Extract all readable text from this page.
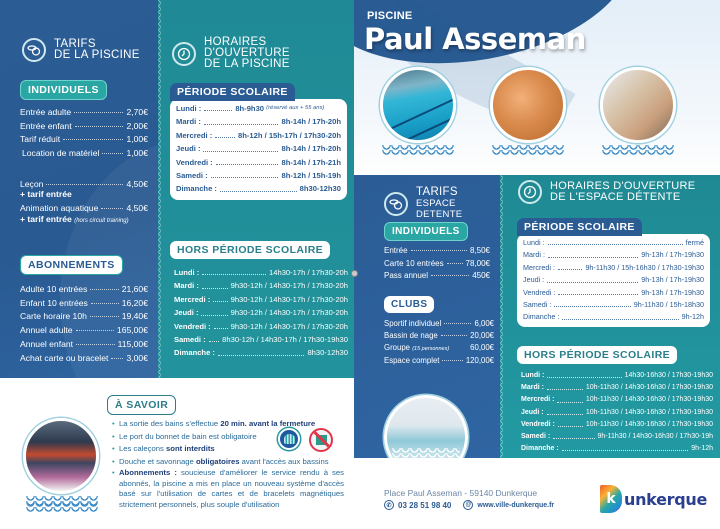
TARIFS
DE LA PISCINE
INDIVIDUELS
Entrée adulte	2,70€
Entrée enfant	2,00€
Tarif réduit	1,00€
Location de matériel	1,00€
Leçon	4,50€
+ tarif entrée
Animation aquatique	4,50€
+ tarif entrée
(hors circuit training)
ABONNEMENTS
Adulte 10 entrées	21,60€
Enfant 10 entrées	16,20€
Carte horaire 10h	19,40€
Annuel adulte	165,00€
Annuel enfant	115,00€
Achat carte ou bracelet 3,00€
HORAIRES D'OUVERTURE
DE LA PISCINE
PÉRIODE SCOLAIRE
Lundi :	8h-9h30
(réservé aux + 55 ans)
Mardi :	8h-14h / 17h-20h
Mercredi :	8h-12h / 15h-17h / 17h30-20h
Jeudi :	8h-14h / 17h-20h
Vendredi :	8h-14h / 17h-21h
Samedi :	8h-12h / 15h-19h
Dimanche :	8h30-12h30
HORS PÉRIODE SCOLAIRE
Lundi :	14h30-17h / 17h30-20h
Mardi :	9h30-12h / 14h30-17h / 17h30-20h
Mercredi :	9h30-12h / 14h30-17h / 17h30-20h
Jeudi :	9h30-12h / 14h30-17h / 17h30-20h
Vendredi :	9h30-12h / 14h30-17h / 17h30-20h
Samedi : 8h30-12h / 14h30-17h / 17h30-19h30
Dimanche :	8h30-12h30
PISCINE
Paul Asseman
TARIFS
ESPACE DETENTE
INDIVIDUELS
Entrée	8,50€
Carte 10 entrées	78,00€
Pass annuel	450€
CLUBS
Sportif individuel	6,00€
Bassin de nage	20,00€
Groupe
(15 personnes)	60,00€
Espace complet	120,00€
HORAIRES D'OUVERTURE
DE L'ESPACE DÉTENTE
PÉRIODE SCOLAIRE
Lundi :	fermé
Mardi :	9h-13h / 17h-19h30
Mercredi :	9h-11h30 / 15h-16h30 / 17h30-19h30
Jeudi :	9h-13h / 17h-19h30
Vendredi :	9h-13h / 17h-19h30
Samedi :	9h-11h30 / 15h-18h30
Dimanche :	9h-12h
HORS PÉRIODE SCOLAIRE
Lundi :	14h30-16h30 / 17h30-19h30
Mardi :	10h-11h30 / 14h30-16h30 / 17h30-19h30
Mercredi :	10h-11h30 / 14h30-16h30 / 17h30-19h30
Jeudi :	10h-11h30 / 14h30-16h30 / 17h30-19h30
Vendredi :	10h-11h30 / 14h30-16h30 / 17h30-19h30
Samedi :	9h-11h30 / 14h30-16h30 / 17h30-19h
Dimanche :	9h-12h
À SAVOIR
• La sortie des bains s'effectue 20 min. avant la fermeture
• Le port du bonnet de bain est obligatoire
• Les caleçons sont interdits
• Douche et savonnage obligatoires avant l'accès aux bassins
• Abonnements : soucieuse d'améliorer le service rendu à ses abonnés, la piscine a mis en place un nouveau système d'accès basé sur l'utilisation de cartes et de bracelets magnétiques strictement personnels, plus souple d'utilisation
Place Paul Asseman - 59140 Dunkerque
✆ 03 28 51 98 40	@ www.ville-dunkerque.fr	k unkerque
